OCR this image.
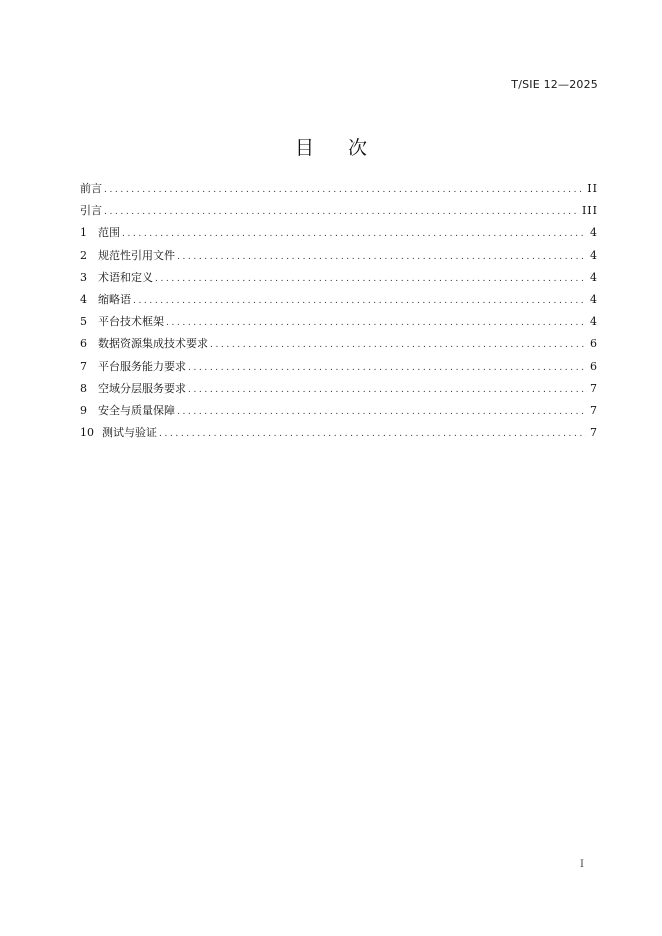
T/SIE 12—2025
目 次
前言 .....	II
引言 .....	III
1	范围 .....	4
2	规范性引用文件 .....	4
3	术语和定义 .....	4
4	缩略语 .....	4
5	平台技术框架 .....	4
6	数据资源集成技术要求 .....	6
7	平台服务能力要求 .....	6
8	空域分层服务要求 .....	7
9	安全与质量保障 .....	7
10 测试与验证 .....	7
I
